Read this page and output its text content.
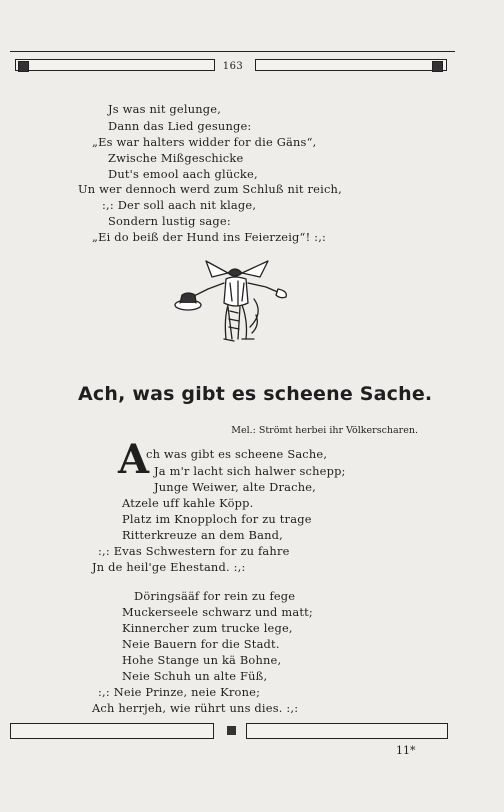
163
Js was nit gelunge,
Dann das Lied gesunge:
„Es war halters widder for die Gäns“,
Zwische Mißgeschicke
Dut's emool aach glücke,
Un wer dennoch werd zum Schluß nit reich,
:,: Der soll aach nit klage,
Sondern lustig sage:
„Ei do beiß der Hund ins Feierzeig“! :,:
Ach, was gibt es scheene Sache.
Mel.: Strömt herbei ihr Völkerscharen.
A
ch was gibt es scheene Sache,
Ja m'r lacht sich halwer schepp;
Junge Weiwer, alte Drache,
Atzele uff kahle Köpp.
Platz im Knopploch for zu trage
Ritterkreuze an dem Band,
:,: Evas Schwestern for zu fahre
Jn de heil'ge Ehestand. :,:
Döringsääf for rein zu fege
Muckerseele schwarz und matt;
Kinnercher zum trucke lege,
Neie Bauern for die Stadt.
Hohe Stange un kä Bohne,
Neie Schuh un alte Füß,
:,: Neie Prinze, neie Krone;
Ach herrjeh, wie rührt uns dies. :,:
11*
